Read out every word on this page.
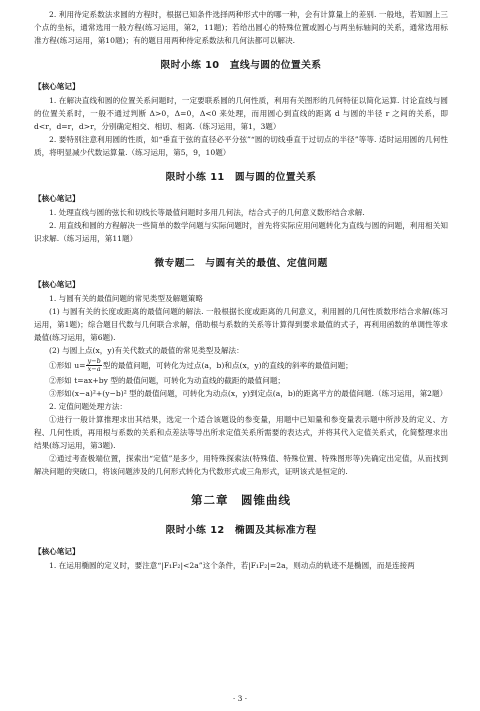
2. 利用待定系数法求圆的方程时，根据已知条件选择两种形式中的哪一种，会有计算量上的差别. 一般地，若知圆上三个点的坐标，通常选用一般方程(练习运用，第2，11题)；若给出圆心的特殊位置或圆心与两坐标轴间的关系，通常选用标准方程(练习运用，第10题)；有的题目用两种待定系数法和几何法都可以解决.

限时小练 10　直线与圆的位置关系
【核心笔记】

1. 在解决直线和圆的位置关系问题时，一定要联系圆的几何性质，利用有关图形的几何特征以简化运算. 讨论直线与圆的位置关系时，一般不通过判断 Δ>0，Δ=0，Δ<0 来处理，而用圆心到直线的距离 d 与圆的半径 r 之间的关系，即 d<r，d=r，d>r，分别确定相交、相切、相离.（练习运用，第1，3题）

2. 要特别注意利用圆的性质，如“垂直于弦的直径必平分弦”“圆的切线垂直于过切点的半径”等等. 适时运用圆的几何性质，将明显减少代数运算量.（练习运用，第5，9，10题）

限时小练 11　圆与圆的位置关系
【核心笔记】

1. 处理直线与圆的弦长和切线长等最值问题时多用几何法，结合式子的几何意义数形结合求解.

2. 用直线和圆的方程解决一些简单的数学问题与实际问题时，首先将实际应用问题转化为直线与圆的问题，利用相关知识求解.（练习运用，第11题）

微专题二　与圆有关的最值、定值问题
【核心笔记】

1. 与圆有关的最值问题的常见类型及解题策略

(1) 与圆有关的长度或距离的最值问题的解法. 一般根据长度或距离的几何意义，利用圆的几何性质数形结合求解(练习运用，第1题)；综合题目代数与几何联合求解，借助根与系数的关系等计算得到要求最值的式子，再利用函数的单调性等求最值(练习运用，第6题).

(2) 与圆上点(x，y)有关代数式的最值的常见类型及解法：

①形如 $u= \frac{y-b}{x-a}$ 型的最值问题，可转化为过点(a，b)和点(x，y)的直线的斜率的最值问题；

②形如 t=ax+by 型的最值问题，可转化为动直线的截距的最值问题；

③形如(x−a)²+(y−b)² 型的最值问题，可转化为动点(x，y)到定点(a，b)的距离平方的最值问题.（练习运用，第2题）

2. 定值问题处理方法：

①进行一般计算推理求出其结果，选定一个适合该题设的参变量，用题中已知量和参变量表示题中所涉及的定义、方程、几何性质，再用根与系数的关系和点差法等导出所求定值关系所需要的表达式，并将其代入定值关系式，化简整理求出结果(练习运用，第3题).

②通过考查极端位置，探索出“定值”是多少，用特殊探索法(特殊值、特殊位置、特殊图形等)先确定出定值，从而找到解决问题的突破口，将该问题涉及的几何形式转化为代数形式或三角形式，证明该式是恒定的.

第二章　圆锥曲线
限时小练 12　椭圆及其标准方程
【核心笔记】

1. 在运用椭圆的定义时，要注意“|F₁F₂|<2a”这个条件，若|F₁F₂|=2a，则动点的轨迹不是椭圆，而是连接两

· 3 ·
